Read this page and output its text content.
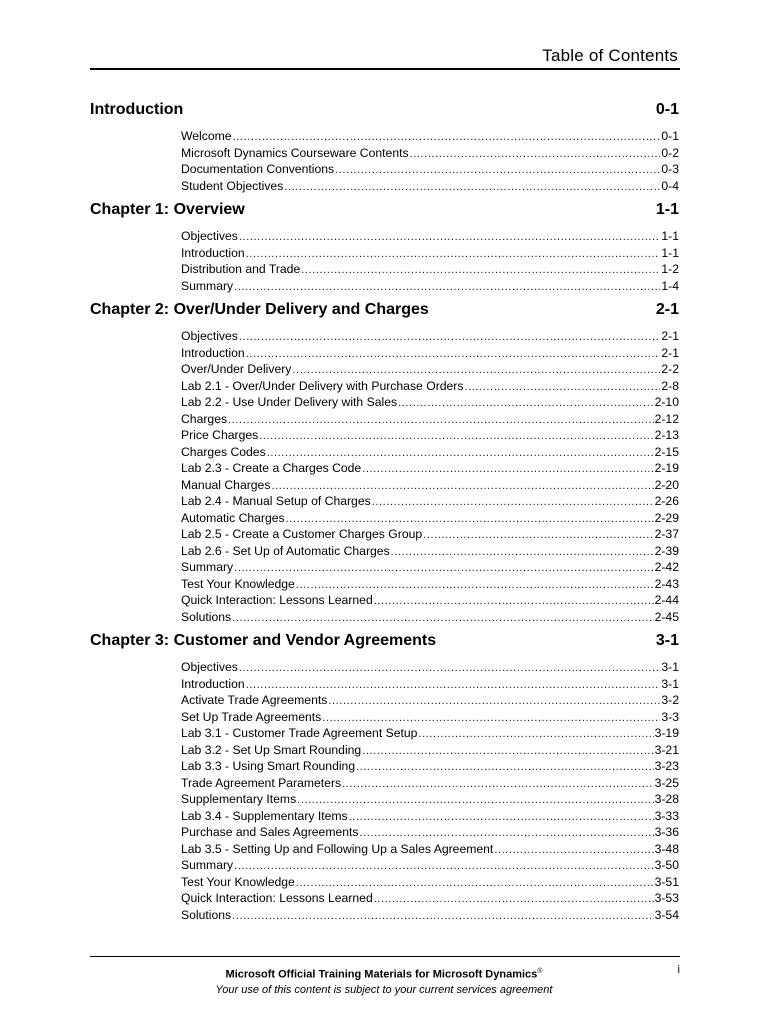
Table of Contents
Introduction	0-1
Welcome .....	0-1
Microsoft Dynamics Courseware Contents .....	0-2
Documentation Conventions .....	0-3
Student Objectives .....	0-4
Chapter 1: Overview	1-1
Objectives .....	1-1
Introduction .....	1-1
Distribution and Trade .....	1-2
Summary .....	1-4
Chapter 2: Over/Under Delivery and Charges	2-1
Objectives .....	2-1
Introduction .....	2-1
Over/Under Delivery .....	2-2
Lab 2.1 - Over/Under Delivery with Purchase Orders .....	2-8
Lab 2.2 - Use Under Delivery with Sales .....	2-10
Charges .....	2-12
Price Charges .....	2-13
Charges Codes .....	2-15
Lab 2.3 - Create a Charges Code .....	2-19
Manual Charges .....	2-20
Lab 2.4 - Manual Setup of Charges .....	2-26
Automatic Charges .....	2-29
Lab 2.5 - Create a Customer Charges Group .....	2-37
Lab 2.6 - Set Up of Automatic Charges .....	2-39
Summary .....	2-42
Test Your Knowledge .....	2-43
Quick Interaction: Lessons Learned .....	2-44
Solutions .....	2-45
Chapter 3: Customer and Vendor Agreements	3-1
Objectives .....	3-1
Introduction .....	3-1
Activate Trade Agreements .....	3-2
Set Up Trade Agreements .....	3-3
Lab 3.1 - Customer Trade Agreement Setup .....	3-19
Lab 3.2 - Set Up Smart Rounding .....	3-21
Lab 3.3 - Using Smart Rounding .....	3-23
Trade Agreement Parameters .....	3-25
Supplementary Items .....	3-28
Lab 3.4 - Supplementary Items .....	3-33
Purchase and Sales Agreements .....	3-36
Lab 3.5 - Setting Up and Following Up a Sales Agreement .....	3-48
Summary .....	3-50
Test Your Knowledge .....	3-51
Quick Interaction: Lessons Learned .....	3-53
Solutions .....	3-54
Microsoft Official Training Materials for Microsoft Dynamics®
Your use of this content is subject to your current services agreement
i
